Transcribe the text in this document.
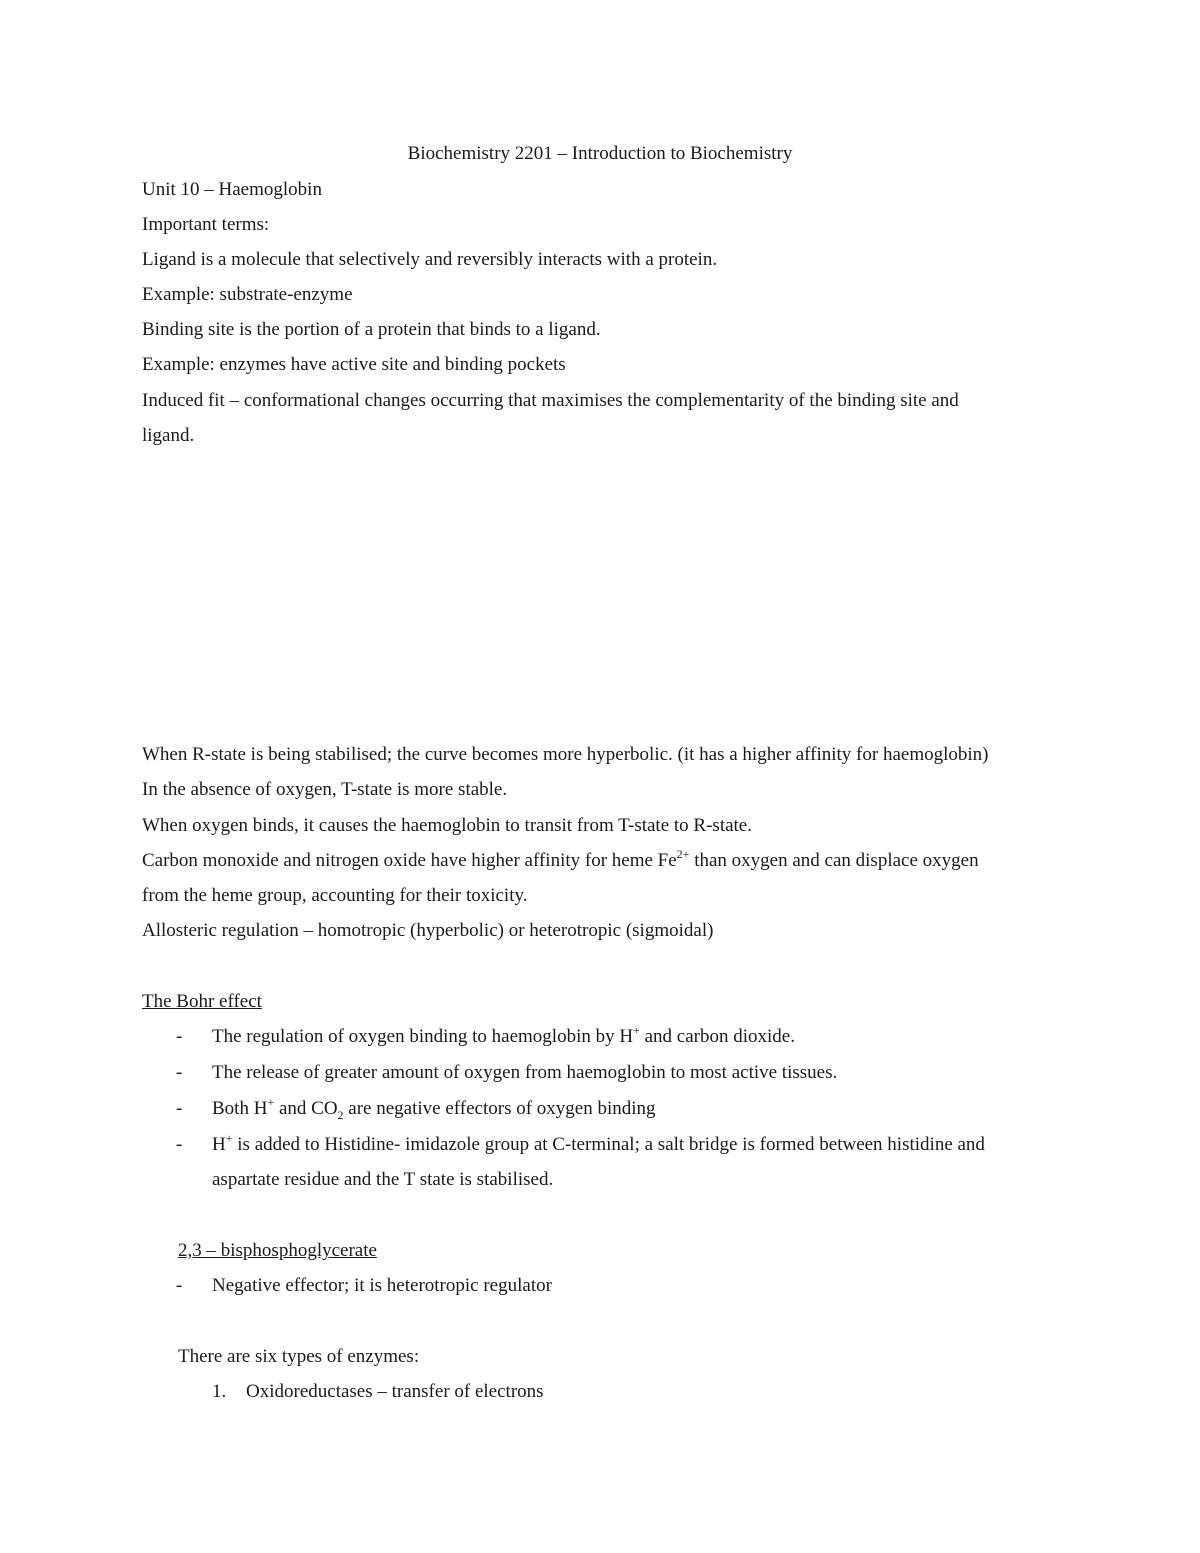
Biochemistry 2201 – Introduction to Biochemistry
Unit 10 – Haemoglobin
Important terms:
Ligand is a molecule that selectively and reversibly interacts with a protein.
Example: substrate-enzyme
Binding site is the portion of a protein that binds to a ligand.
Example: enzymes have active site and binding pockets
Induced fit – conformational changes occurring that maximises the complementarity of the binding site and
ligand.
When R-state is being stabilised; the curve becomes more hyperbolic. (it has a higher affinity for haemoglobin)
In the absence of oxygen, T-state is more stable.
When oxygen binds, it causes the haemoglobin to transit from T-state to R-state.
Carbon monoxide and nitrogen oxide have higher affinity for heme $Fe^{2+}$ than oxygen and can displace oxygen
from the heme group, accounting for their toxicity.
Allosteric regulation – homotropic (hyperbolic) or heterotropic (sigmoidal)
The Bohr effect
- The regulation of oxygen binding to haemoglobin by H+ and carbon dioxide.
- The release of greater amount of oxygen from haemoglobin to most active tissues.
- Both H+ and $CO_2$ are negative effectors of oxygen binding
- H+ is added to Histidine- imidazole group at C-terminal; a salt bridge is formed between histidine and
aspartate residue and the T state is stabilised.
2,3 – bisphosphoglycerate
- Negative effector; it is heterotropic regulator
There are six types of enzymes:
1. Oxidoreductases – transfer of electrons
